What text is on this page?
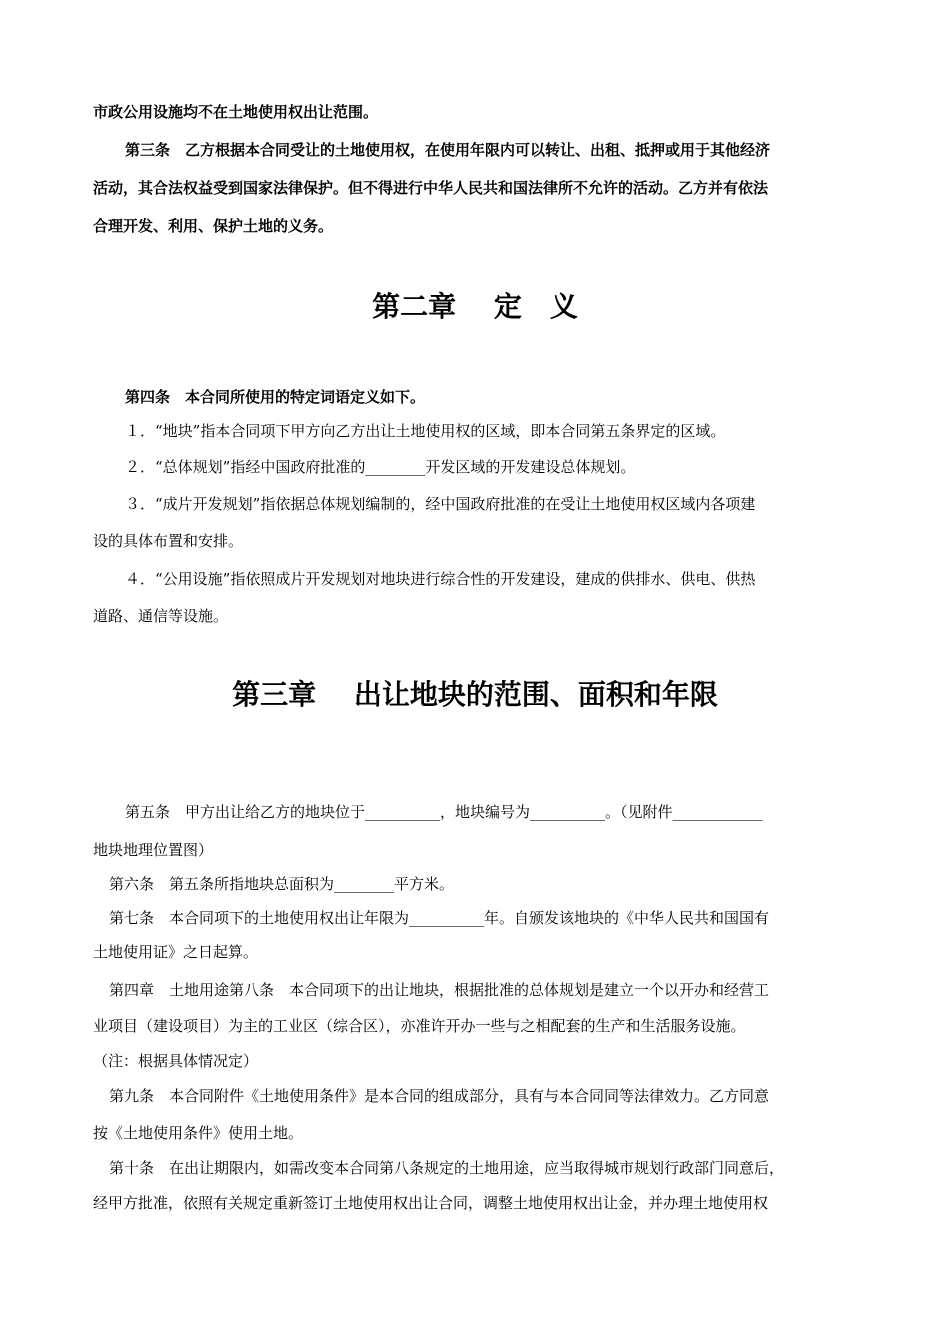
市政公用设施均不在土地使用权出让范围。
第三条　乙方根据本合同受让的土地使用权，在使用年限内可以转让、出租、抵押或用于其他经济
活动，其合法权益受到国家法律保护。但不得进行中华人民共和国法律所不允许的活动。乙方并有依法
合理开发、利用、保护土地的义务。
第二章　 定　义
第四条　本合同所使用的特定词语定义如下。
１．“地块”指本合同项下甲方向乙方出让土地使用权的区域，即本合同第五条界定的区域。
２．“总体规划”指经中国政府批准的________开发区域的开发建设总体规划。
３．“成片开发规划”指依据总体规划编制的，经中国政府批准的在受让土地使用权区域内各项建
设的具体布置和安排。
４．“公用设施”指依照成片开发规划对地块进行综合性的开发建设，建成的供排水、供电、供热
道路、通信等设施。
第三章　 出让地块的范围、面积和年限
第五条　甲方出让给乙方的地块位于__________，地块编号为__________。（见附件____________
地块地理位置图）
第六条　第五条所指地块总面积为________平方米。
第七条　本合同项下的土地使用权出让年限为__________年。自颁发该地块的《中华人民共和国国有
土地使用证》之日起算。
第四章　土地用途第八条　本合同项下的出让地块，根据批准的总体规划是建立一个以开办和经营工
业项目（建设项目）为主的工业区（综合区），亦准许开办一些与之相配套的生产和生活服务设施。
（注：根据具体情况定）
第九条　本合同附件《土地使用条件》是本合同的组成部分，具有与本合同同等法律效力。乙方同意
按《土地使用条件》使用土地。
第十条　在出让期限内，如需改变本合同第八条规定的土地用途，应当取得城市规划行政部门同意后，
经甲方批准，依照有关规定重新签订土地使用权出让合同，调整土地使用权出让金，并办理土地使用权
